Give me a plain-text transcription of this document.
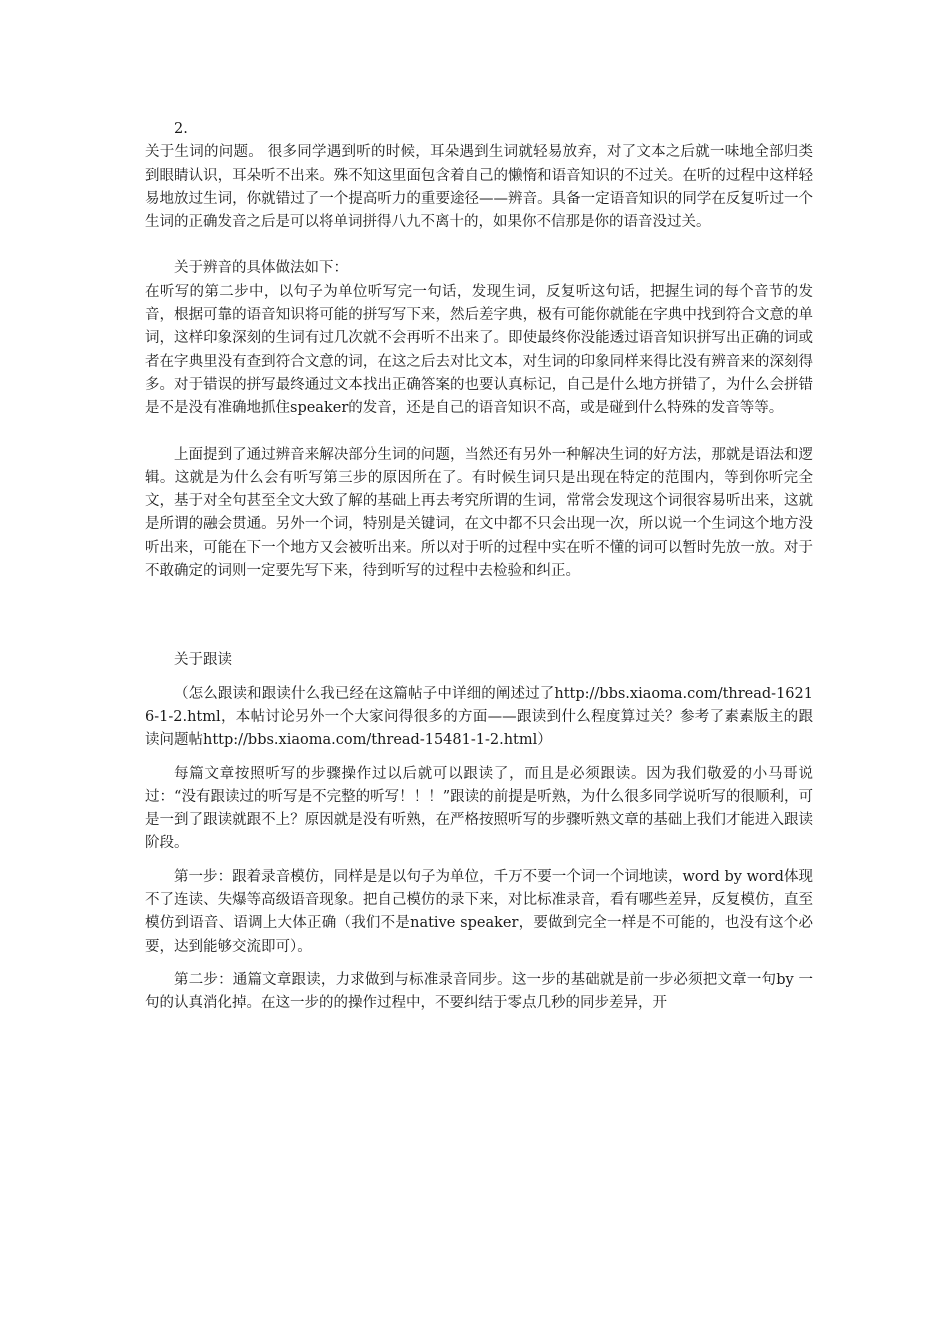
2.

关于生词的问题。 很多同学遇到听的时候，耳朵遇到生词就轻易放弃，对了文本之后就一味地全部归类到眼睛认识，耳朵听不出来。殊不知这里面包含着自己的懒惰和语音知识的不过关。在听的过程中这样轻易地放过生词，你就错过了一个提高听力的重要途径——辨音。具备一定语音知识的同学在反复听过一个生词的正确发音之后是可以将单词拼得八九不离十的，如果你不信那是你的语音没过关。

关于辨音的具体做法如下：

在听写的第二步中，以句子为单位听写完一句话，发现生词，反复听这句话，把握生词的每个音节的发音，根据可靠的语音知识将可能的拼写写下来，然后差字典，极有可能你就能在字典中找到符合文意的单词，这样印象深刻的生词有过几次就不会再听不出来了。即使最终你没能透过语音知识拼写出正确的词或者在字典里没有查到符合文意的词，在这之后去对比文本，对生词的印象同样来得比没有辨音来的深刻得多。对于错误的拼写最终通过文本找出正确答案的也要认真标记，自己是什么地方拼错了，为什么会拼错是不是没有准确地抓住speaker的发音，还是自己的语音知识不高，或是碰到什么特殊的发音等等。

上面提到了通过辨音来解决部分生词的问题，当然还有另外一种解决生词的好方法，那就是语法和逻辑。这就是为什么会有听写第三步的原因所在了。有时候生词只是出现在特定的范围内，等到你听完全文，基于对全句甚至全文大致了解的基础上再去考究所谓的生词，常常会发现这个词很容易听出来，这就是所谓的融会贯通。另外一个词，特别是关键词，在文中都不只会出现一次，所以说一个生词这个地方没听出来，可能在下一个地方又会被听出来。所以对于听的过程中实在听不懂的词可以暂时先放一放。对于不敢确定的词则一定要先写下来，待到听写的过程中去检验和纠正。

关于跟读

（怎么跟读和跟读什么我已经在这篇帖子中详细的阐述过了http://bbs.xiaoma.com/thread-16216-1-2.html，本帖讨论另外一个大家问得很多的方面——跟读到什么程度算过关？参考了素素版主的跟读问题帖http://bbs.xiaoma.com/thread-15481-1-2.html）

每篇文章按照听写的步骤操作过以后就可以跟读了，而且是必须跟读。因为我们敬爱的小马哥说过：“没有跟读过的听写是不完整的听写！！！”跟读的前提是听熟，为什么很多同学说听写的很顺利，可是一到了跟读就跟不上？原因就是没有听熟，在严格按照听写的步骤听熟文章的基础上我们才能进入跟读阶段。

第一步：跟着录音模仿，同样是是以句子为单位，千万不要一个词一个词地读，word by word体现不了连读、失爆等高级语音现象。把自己模仿的录下来，对比标准录音，看有哪些差异，反复模仿，直至模仿到语音、语调上大体正确（我们不是native speaker，要做到完全一样是不可能的，也没有这个必要，达到能够交流即可）。

第二步：通篇文章跟读，力求做到与标准录音同步。这一步的基础就是前一步必须把文章一句by 一句的认真消化掉。在这一步的的操作过程中，不要纠结于零点几秒的同步差异，开
